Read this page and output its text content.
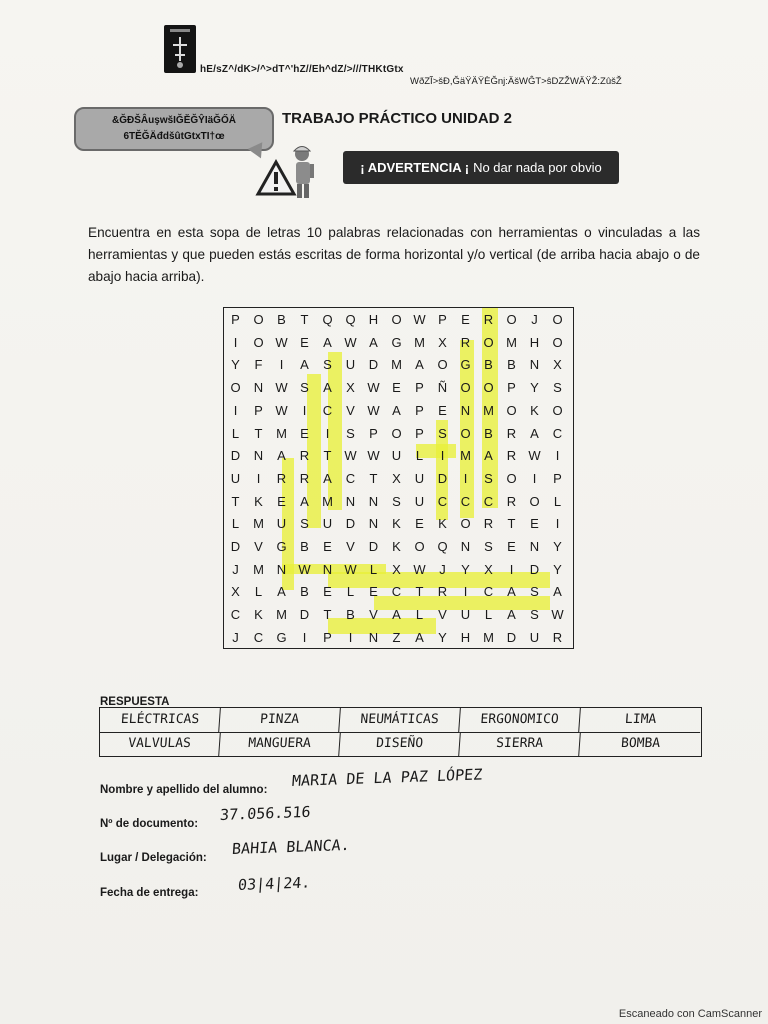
hE/sZ^/dK>/^>dT^'hZ//Eh^dZ/>///THKtGtx
WðZĨ>šÐ,ĞäŸÄŸÈĞnj:ÄšWĜT>ŝDZŽWÄŸŽ:ZûšŽ
&ĞĐŠÂuşwšIĞĔĞŶIäĞŐÄ
6TĚĞÄđdšûtGtxTI†œ
TRABAJO PRÁCTICO UNIDAD 2
¡ ADVERTENCIA ¡ No dar nada por obvio
Encuentra en esta sopa de letras 10 palabras relacionadas con herramientas o vinculadas a las herramientas y que pueden estás escritas de forma horizontal y/o vertical (de arriba hacia abajo o de abajo hacia arriba).
P	O	B	T	Q Q	H	O W P	E	R	O	J	O
I	O W E	A W A	G M	X	R	O M H	O
Y	F	I	A	S	U	D M	A	O G	B	B	N	X
O	N W S	A	X W E	P	Ñ	O O	P	Y	S
I	P W	I	C	V W A	P	E	N M O	K	O
L	T	M	E	I	S	P	O	P	S	O	B	R	A	C
D	N	A	R	T W W U	L	I	M	A	R W	I
U	I	R	R	A	C	T	X	U	D	I	S	O	I	P
T	K	E	A	M N	N	S	U	C	C	C	R	O	L
L	M U	S	U	D	N	K	E	K	O	R	T	E	I
D	V	G	B	E	V	D	K	O Q	N	S	E	N	Y
J	M N W N W	L	X W	J	Y	X	I	D	Y
X	L	A	B	E	L	E	C	T	R	I	C	A	S	A
C	K	M D	T	B	V	A	L	V	U	L	A	S W
J	C	G	I	P	I	N	Z	A	Y	H M D	U	R
RESPUESTA
ELÉCTRICAS	PINZA	NEUMÁTICAS	ERGONOMICO	LIMA
VALVULAS	MANGUERA	DISEÑO	SIERRA	BOMBA
Nombre y apellido del alumno:
MARIA DE LA PAZ LÓPEZ
Nº de documento:
37.056.516
Lugar / Delegación:
BAHIA BLANCA.
Fecha de entrega:	03|4|24.
Escaneado con CamScanner
